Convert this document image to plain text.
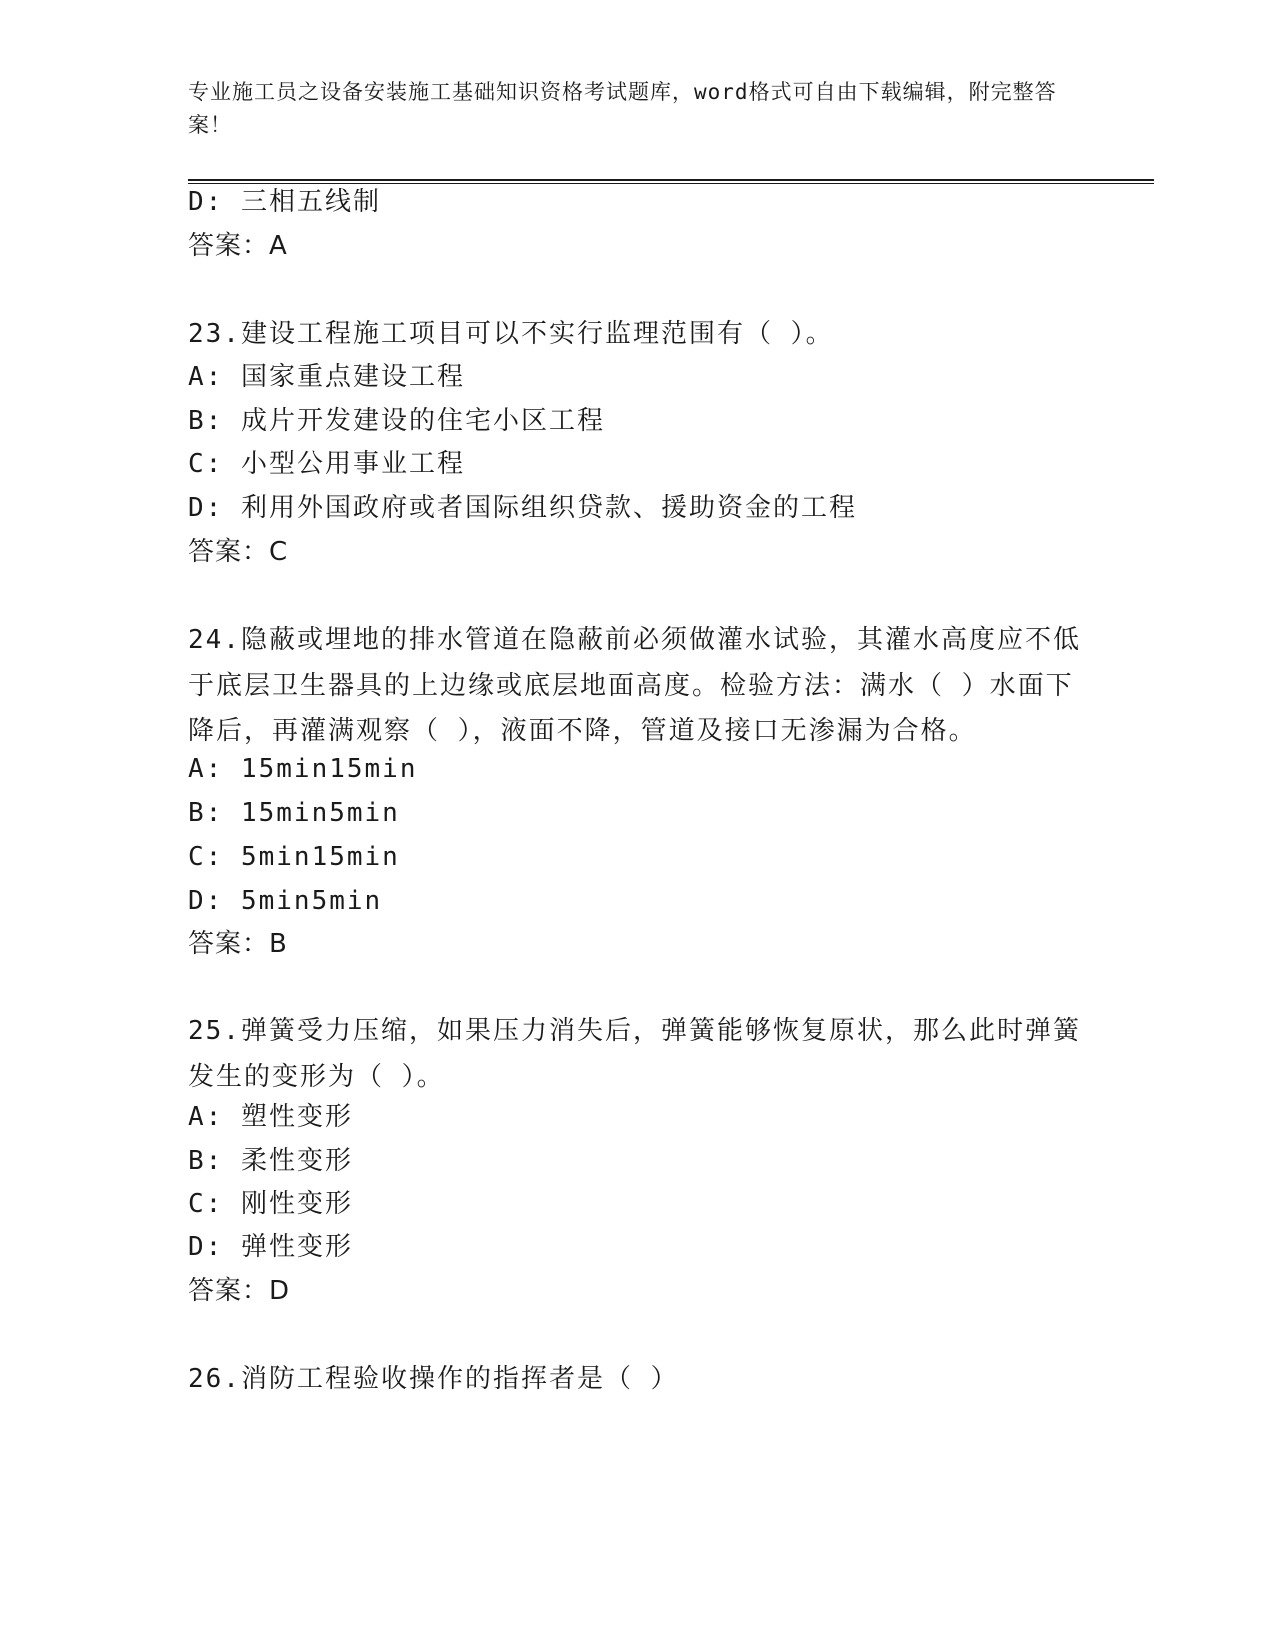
专业施工员之设备安装施工基础知识资格考试题库，word格式可自由下载编辑，附完整答案！
D: 三相五线制
答案：A
23.建设工程施工项目可以不实行监理范围有（ ）。
A: 国家重点建设工程
B: 成片开发建设的住宅小区工程
C: 小型公用事业工程
D: 利用外国政府或者国际组织贷款、援助资金的工程
答案：C
24.隐蔽或埋地的排水管道在隐蔽前必须做灌水试验，其灌水高度应不低于底层卫生器具的上边缘或底层地面高度。检验方法：满水（ ）水面下降后，再灌满观察（ ），液面不降，管道及接口无渗漏为合格。
A: 15min15min
B: 15min5min
C: 5min15min
D: 5min5min
答案：B
25.弹簧受力压缩，如果压力消失后，弹簧能够恢复原状，那么此时弹簧发生的变形为（ ）。
A: 塑性变形
B: 柔性变形
C: 刚性变形
D: 弹性变形
答案：D
26.消防工程验收操作的指挥者是（ ）
